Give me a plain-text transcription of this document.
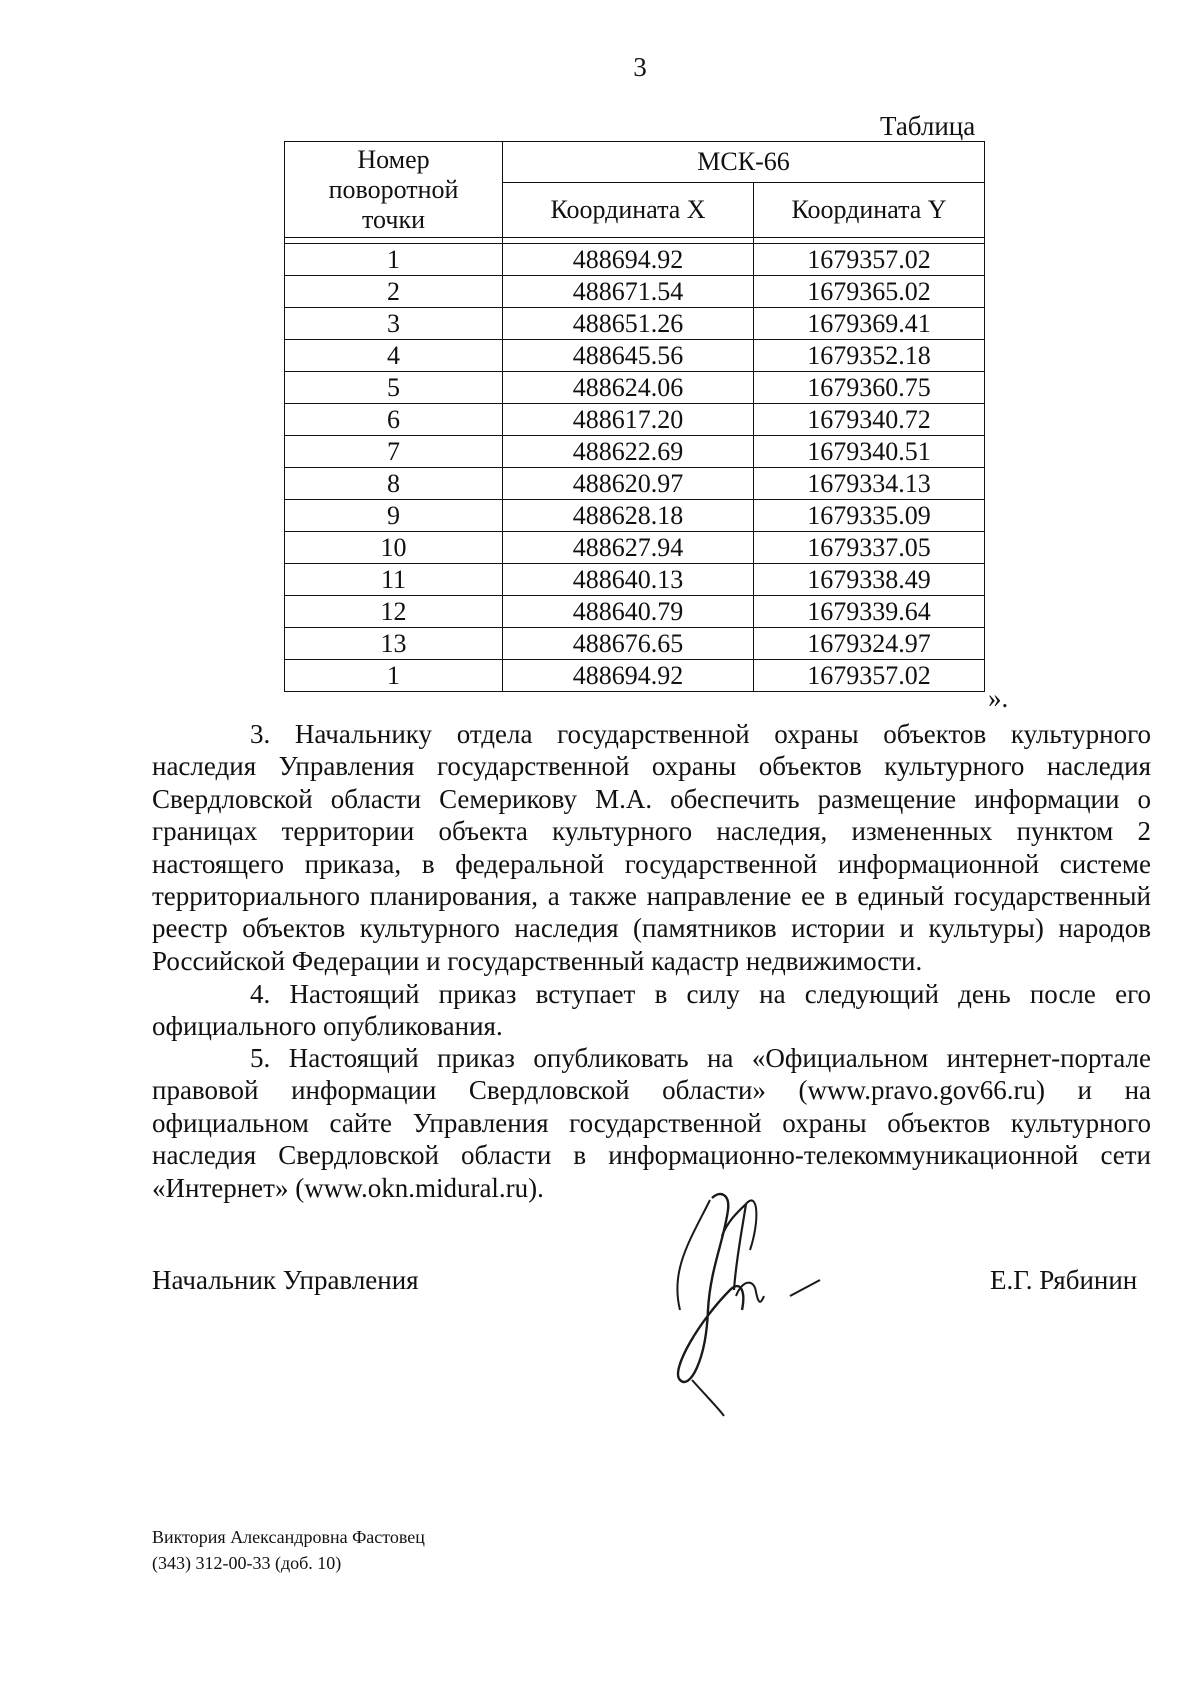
3
Таблица
Номер
поворотной
точки	МСК-66	
	Координата X	Координата Y

1	488694.92	1679357.02
2	488671.54	1679365.02
3	488651.26	1679369.41
4	488645.56	1679352.18
5	488624.06	1679360.75
6	488617.20	1679340.72
7	488622.69	1679340.51
8	488620.97	1679334.13
9	488628.18	1679335.09
10	488627.94	1679337.05
11	488640.13	1679338.49
12	488640.79	1679339.64
13	488676.65	1679324.97
1	488694.92	1679357.02
».

3. Начальнику отдела государственной охраны объектов культурного наследия Управления государственной охраны объектов культурного наследия Свердловской области Семерикову М.А. обеспечить размещение информации о границах территории объекта культурного наследия, измененных пунктом 2 настоящего приказа, в федеральной государственной информационной системе территориального планирования, а также направление ее в единый государственный реестр объектов культурного наследия (памятников истории и культуры) народов Российской Федерации и государственный кадастр недвижимости.

4. Настоящий приказ вступает в силу на следующий день после его официального опубликования.

5. Настоящий приказ опубликовать на «Официальном интернет-портале правовой информации Свердловской области» (www.pravo.gov66.ru) и на официальном сайте Управления государственной охраны объектов культурного наследия Свердловской области в информационно-телекоммуникационной сети «Интернет» (www.okn.midural.ru).

Начальник Управления	Е.Г. Рябинин
Виктория Александровна Фастовец
(343) 312-00-33 (доб. 10)
